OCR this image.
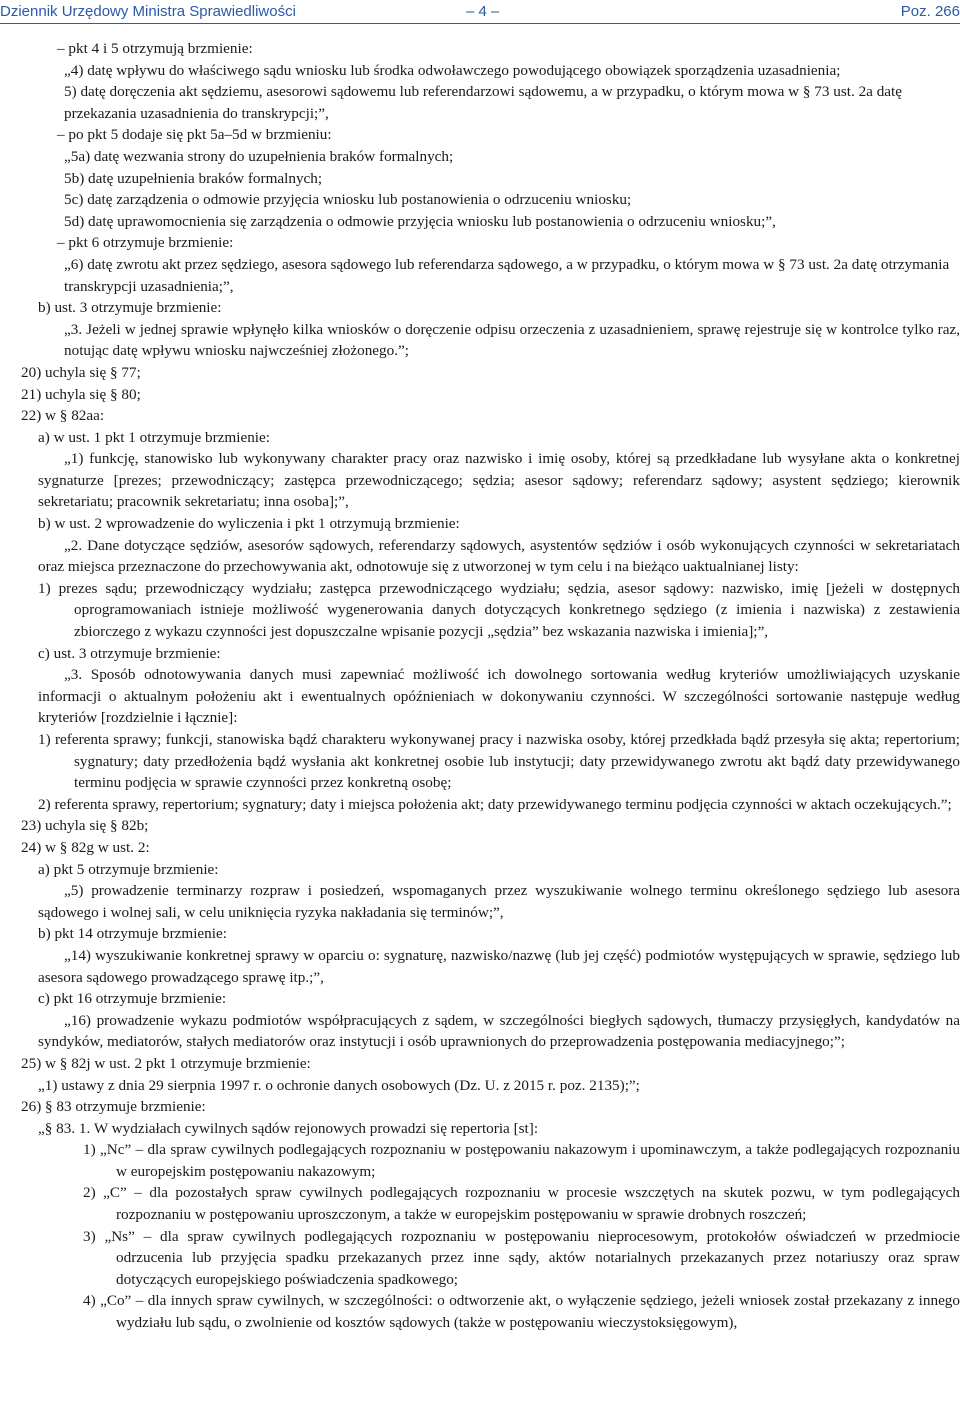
Dziennik Urzędowy Ministra Sprawiedliwości	– 4 –	Poz. 266
– pkt 4 i 5 otrzymują brzmienie:
„4) datę wpływu do właściwego sądu wniosku lub środka odwoławczego powodującego obowiązek sporządzenia uzasadnienia;
5) datę doręczenia akt sędziemu, asesorowi sądowemu lub referendarzowi sądowemu, a w przypadku, o którym mowa w § 73 ust. 2a datę przekazania uzasadnienia do transkrypcji;”,
– po pkt 5 dodaje się pkt 5a–5d w brzmieniu:
„5a) datę wezwania strony do uzupełnienia braków formalnych;
5b) datę uzupełnienia braków formalnych;
5c) datę zarządzenia o odmowie przyjęcia wniosku lub postanowienia o odrzuceniu wniosku;
5d) datę uprawomocnienia się zarządzenia o odmowie przyjęcia wniosku lub postanowienia o odrzuceniu wniosku;”,
– pkt 6 otrzymuje brzmienie:
„6) datę zwrotu akt przez sędziego, asesora sądowego lub referendarza sądowego, a w przypadku, o którym mowa w § 73 ust. 2a datę otrzymania transkrypcji uzasadnienia;”,
b) ust. 3 otrzymuje brzmienie:
„3. Jeżeli w jednej sprawie wpłynęło kilka wniosków o doręczenie odpisu orzeczenia z uzasadnieniem, sprawę rejestruje się w kontrolce tylko raz, notując datę wpływu wniosku najwcześniej złożonego.”;
20) uchyla się § 77;
21) uchyla się § 80;
22) w § 82aa:
a) w ust. 1 pkt 1 otrzymuje brzmienie:
„1) funkcję, stanowisko lub wykonywany charakter pracy oraz nazwisko i imię osoby, której są przedkładane lub wysyłane akta o konkretnej sygnaturze [prezes; przewodniczący; zastępca przewodniczącego; sędzia; asesor sądowy; referendarz sądowy; asystent sędziego; kierownik sekretariatu; pracownik sekretariatu; inna osoba];”,
b) w ust. 2 wprowadzenie do wyliczenia i pkt 1 otrzymują brzmienie:
„2. Dane dotyczące sędziów, asesorów sądowych, referendarzy sądowych, asystentów sędziów i osób wykonujących czynności w sekretariatach oraz miejsca przeznaczone do przechowywania akt, odnotowuje się z utworzonej w tym celu i na bieżąco uaktualnianej listy:
1) prezes sądu; przewodniczący wydziału; zastępca przewodniczącego wydziału; sędzia, asesor sądowy: nazwisko, imię [jeżeli w dostępnych oprogramowaniach istnieje możliwość wygenerowania danych dotyczących konkretnego sędziego (z imienia i nazwiska) z zestawienia zbiorczego z wykazu czynności jest dopuszczalne wpisanie pozycji „sędzia” bez wskazania nazwiska i imienia];”,
c) ust. 3 otrzymuje brzmienie:
„3. Sposób odnotowywania danych musi zapewniać możliwość ich dowolnego sortowania według kryteriów umożliwiających uzyskanie informacji o aktualnym położeniu akt i ewentualnych opóźnieniach w dokonywaniu czynności. W szczególności sortowanie następuje według kryteriów [rozdzielnie i łącznie]:
1) referenta sprawy; funkcji, stanowiska bądź charakteru wykonywanej pracy i nazwiska osoby, której przedkłada bądź przesyła się akta; repertorium; sygnatury; daty przedłożenia bądź wysłania akt konkretnej osobie lub instytucji; daty przewidywanego zwrotu akt bądź daty przewidywanego terminu podjęcia w sprawie czynności przez konkretną osobę;
2) referenta sprawy, repertorium; sygnatury; daty i miejsca położenia akt; daty przewidywanego terminu podjęcia czynności w aktach oczekujących.”;
23) uchyla się § 82b;
24) w § 82g w ust. 2:
a) pkt 5 otrzymuje brzmienie:
„5) prowadzenie terminarzy rozpraw i posiedzeń, wspomaganych przez wyszukiwanie wolnego terminu określonego sędziego lub asesora sądowego i wolnej sali, w celu uniknięcia ryzyka nakładania się terminów;”,
b) pkt 14 otrzymuje brzmienie:
„14) wyszukiwanie konkretnej sprawy w oparciu o: sygnaturę, nazwisko/nazwę (lub jej część) podmiotów występujących w sprawie, sędziego lub asesora sądowego prowadzącego sprawę itp.;”,
c) pkt 16 otrzymuje brzmienie:
„16) prowadzenie wykazu podmiotów współpracujących z sądem, w szczególności biegłych sądowych, tłumaczy przysięgłych, kandydatów na syndyków, mediatorów, stałych mediatorów oraz instytucji i osób uprawnionych do przeprowadzenia postępowania mediacyjnego;”;
25) w § 82j w ust. 2 pkt 1 otrzymuje brzmienie:
„1) ustawy z dnia 29 sierpnia 1997 r. o ochronie danych osobowych (Dz. U. z 2015 r. poz. 2135);”;
26) § 83 otrzymuje brzmienie:
„§ 83. 1. W wydziałach cywilnych sądów rejonowych prowadzi się repertoria [st]:
1) „Nc” – dla spraw cywilnych podlegających rozpoznaniu w postępowaniu nakazowym i upominawczym, a także podlegających rozpoznaniu w europejskim postępowaniu nakazowym;
2) „C” – dla pozostałych spraw cywilnych podlegających rozpoznaniu w procesie wszczętych na skutek pozwu, w tym podlegających rozpoznaniu w postępowaniu uproszczonym, a także w europejskim postępowaniu w sprawie drobnych roszczeń;
3) „Ns” – dla spraw cywilnych podlegających rozpoznaniu w postępowaniu nieprocesowym, protokołów oświadczeń w przedmiocie odrzucenia lub przyjęcia spadku przekazanych przez inne sądy, aktów notarialnych przekazanych przez notariuszy oraz spraw dotyczących europejskiego poświadczenia spadkowego;
4) „Co” – dla innych spraw cywilnych, w szczególności: o odtworzenie akt, o wyłączenie sędziego, jeżeli wniosek został przekazany z innego wydziału lub sądu, o zwolnienie od kosztów sądowych (także w postępowaniu wieczystoksięgowym),
